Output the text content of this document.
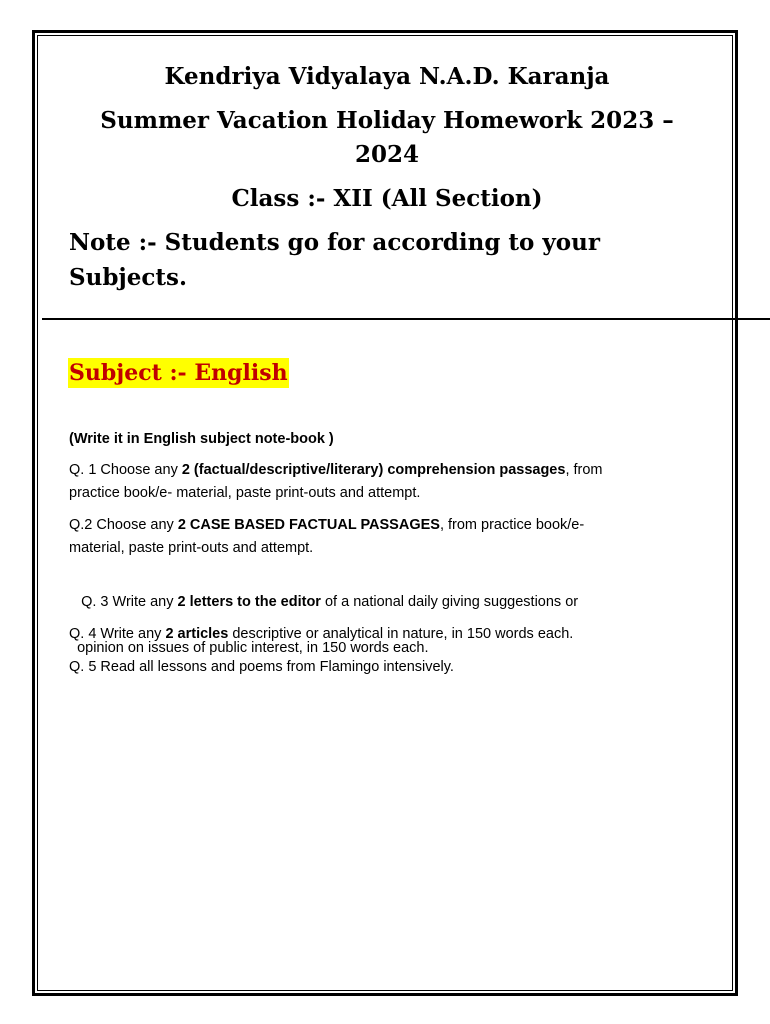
Kendriya Vidyalaya N.A.D. Karanja

Summer Vacation Holiday Homework 2023 –

2024

Class :- XII (All Section)

Note :- Students go for according to your
Subjects.

Subject :- English

(Write it in English subject note-book )

Q. 1 Choose any 2 (factual/descriptive/literary) comprehension passages, from
practice book/e- material, paste print-outs and attempt.
Q.2 Choose any 2 CASE BASED FACTUAL PASSAGES, from practice book/e-
material, paste print-outs and attempt.

Q. 3 Write any 2 letters to the editor of a national daily giving suggestions or

opinion on issues of public interest, in 150 words each.

Q. 4 Write any 2 articles descriptive or analytical in nature, in 150 words each.
Q. 5 Read all lessons and poems from Flamingo intensively.
